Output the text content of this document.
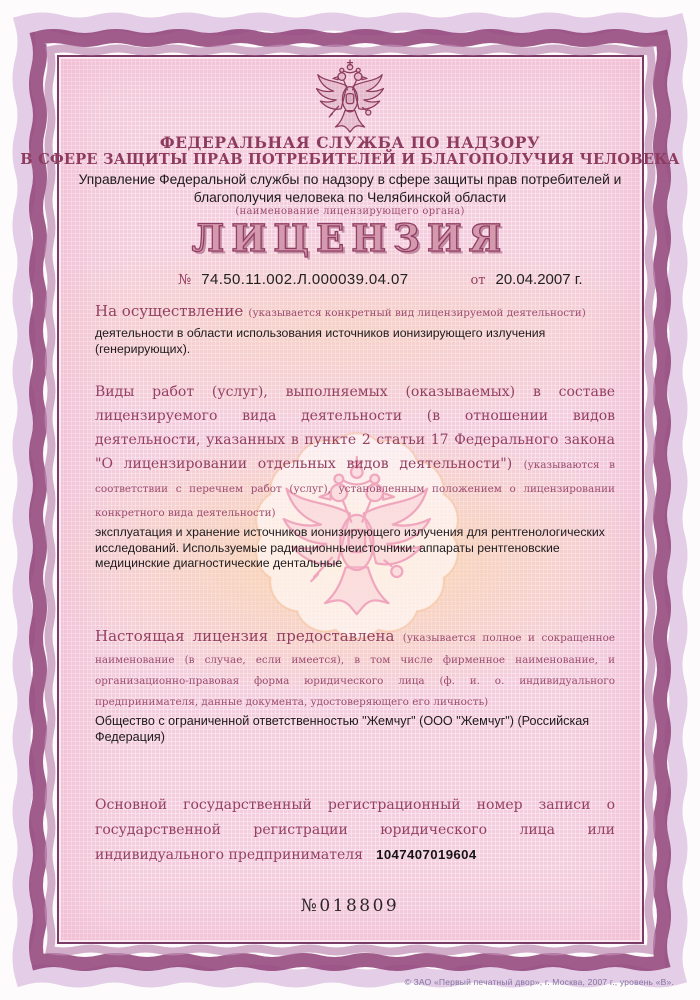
ФЕДЕРАЛЬНАЯ СЛУЖБА ПО НАДЗОРУ
В СФЕРЕ ЗАЩИТЫ ПРАВ ПОТРЕБИТЕЛЕЙ И БЛАГОПОЛУЧИЯ ЧЕЛОВЕКА
Управление Федеральной службы по надзору в сфере защиты прав потребителей и благополучия человека по Челябинской области
(наименование лицензирующего органа)
ЛИЦЕНЗИЯ
№ 74.50.11.002.Л.000039.04.07	от 20.04.2007 г.

На осуществление (указывается конкретный вид лицензируемой деятельности)

деятельности в области использования источников ионизирующего излучения (генерирующих).

Виды работ (услуг), выполняемых (оказываемых) в составе лицензируемого вида деятельности (в отношении видов деятельности, указанных в пункте 2 статьи 17 Федерального закона "О лицензировании отдельных видов деятельности") (указываются в соответствии с перечнем работ (услуг), установленным положением о лицензировании конкретного вида деятельности)

эксплуатация и хранение источников ионизирующего излучения для рентгенологических исследований. Используемые радиационныеисточники: аппараты рентгеновские медицинские диагностические дентальные

Настоящая лицензия предоставлена (указывается полное и сокращенное наименование (в случае, если имеется), в том числе фирменное наименование, и организационно-правовая форма юридического лица (ф. и. о. индивидуального предпринимателя, данные документа, удостоверяющего его личность)

Общество с ограниченной ответственностью "Жемчуг" (ООО "Жемчуг") (Российская Федерация)

Основной государственный регистрационный номер записи о государственной регистрации юридического лица или индивидуального предпринимателя 1047407019604

№018809
© ЗАО «Первый печатный двор», г. Москва, 2007 г., уровень «В».
